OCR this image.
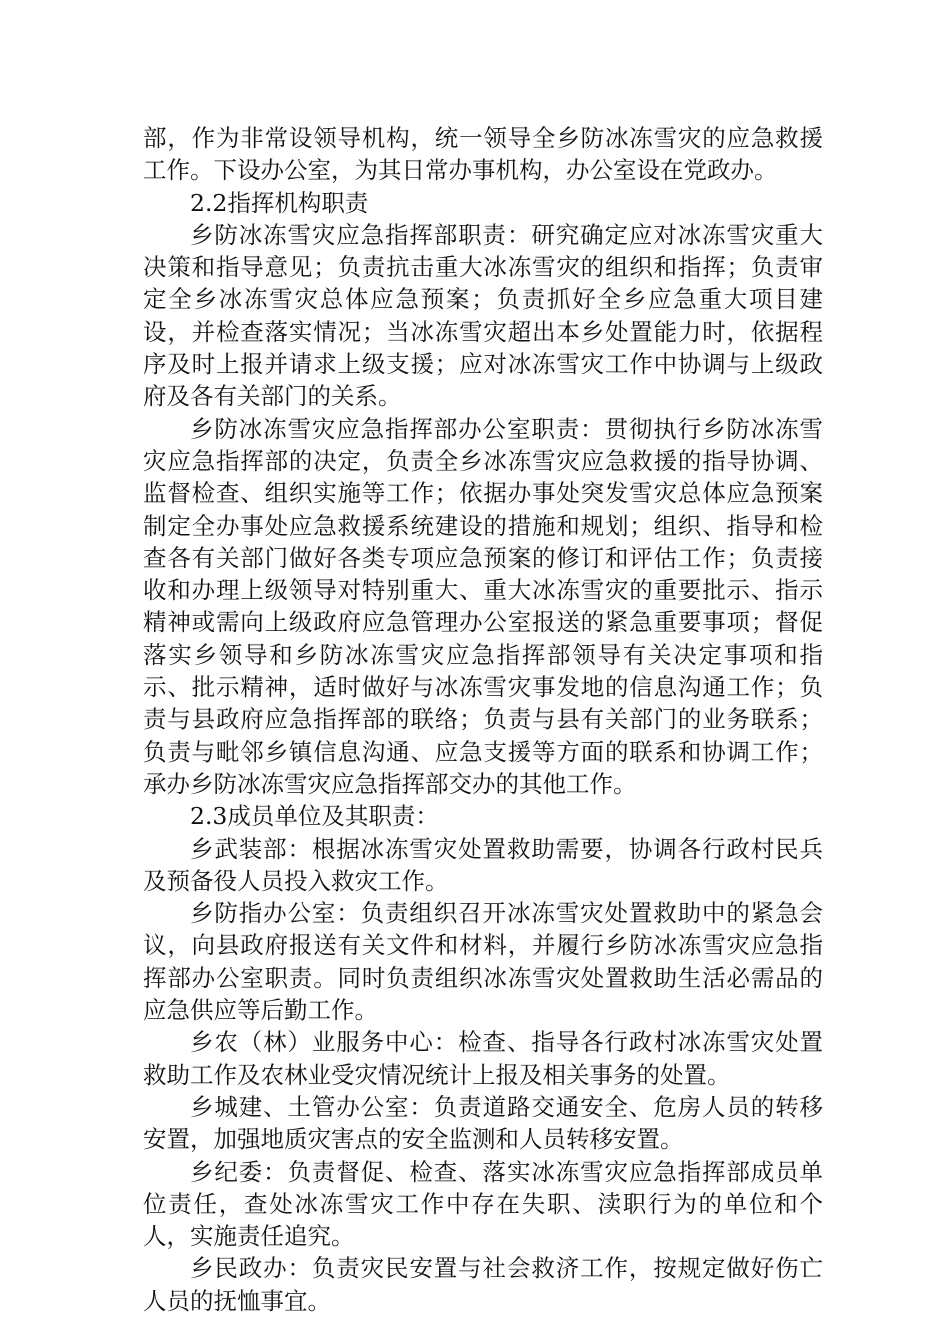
部，作为非常设领导机构，统一领导全乡防冰冻雪灾的应急救援工作。下设办公室，为其日常办事机构，办公室设在党政办。

2.2指挥机构职责

乡防冰冻雪灾应急指挥部职责：研究确定应对冰冻雪灾重大决策和指导意见；负责抗击重大冰冻雪灾的组织和指挥；负责审定全乡冰冻雪灾总体应急预案；负责抓好全乡应急重大项目建设，并检查落实情况；当冰冻雪灾超出本乡处置能力时，依据程序及时上报并请求上级支援；应对冰冻雪灾工作中协调与上级政府及各有关部门的关系。

乡防冰冻雪灾应急指挥部办公室职责：贯彻执行乡防冰冻雪灾应急指挥部的决定，负责全乡冰冻雪灾应急救援的指导协调、监督检查、组织实施等工作；依据办事处突发雪灾总体应急预案制定全办事处应急救援系统建设的措施和规划；组织、指导和检查各有关部门做好各类专项应急预案的修订和评估工作；负责接收和办理上级领导对特别重大、重大冰冻雪灾的重要批示、指示精神或需向上级政府应急管理办公室报送的紧急重要事项；督促落实乡领导和乡防冰冻雪灾应急指挥部领导有关决定事项和指示、批示精神，适时做好与冰冻雪灾事发地的信息沟通工作；负责与县政府应急指挥部的联络；负责与县有关部门的业务联系；负责与毗邻乡镇信息沟通、应急支援等方面的联系和协调工作；承办乡防冰冻雪灾应急指挥部交办的其他工作。

2.3成员单位及其职责：

乡武装部：根据冰冻雪灾处置救助需要，协调各行政村民兵及预备役人员投入救灾工作。

乡防指办公室：负责组织召开冰冻雪灾处置救助中的紧急会议，向县政府报送有关文件和材料，并履行乡防冰冻雪灾应急指挥部办公室职责。同时负责组织冰冻雪灾处置救助生活必需品的应急供应等后勤工作。

乡农（林）业服务中心：检查、指导各行政村冰冻雪灾处置救助工作及农林业受灾情况统计上报及相关事务的处置。

乡城建、土管办公室：负责道路交通安全、危房人员的转移安置，加强地质灾害点的安全监测和人员转移安置。

乡纪委：负责督促、检查、落实冰冻雪灾应急指挥部成员单位责任，查处冰冻雪灾工作中存在失职、渎职行为的单位和个人，实施责任追究。

乡民政办：负责灾民安置与社会救济工作，按规定做好伤亡人员的抚恤事宜。
